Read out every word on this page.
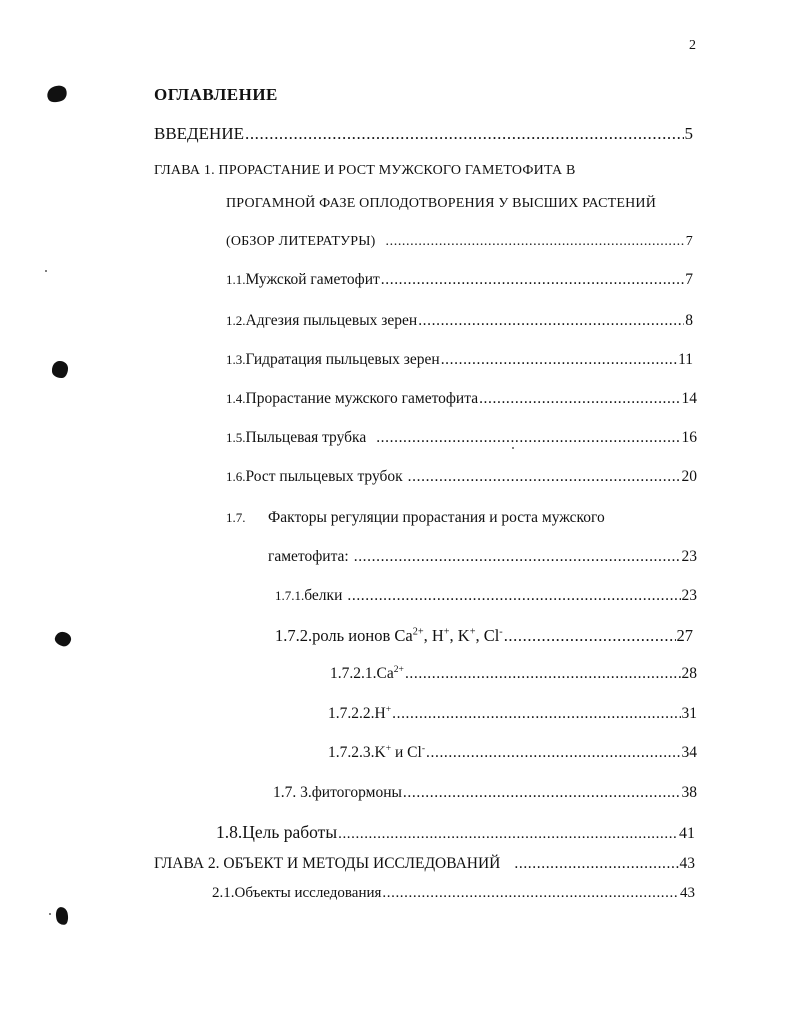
2
ОГЛАВЛЕНИЕ
ВВЕДЕНИЕ .....	5
ГЛАВА 1. ПРОРАСТАНИЕ И РОСТ МУЖСКОГО ГАМЕТОФИТА В
ПРОГАМНОЙ ФАЗЕ ОПЛОДОТВОРЕНИЯ У ВЫСШИХ РАСТЕНИЙ
(ОБЗОР ЛИТЕРАТУРЫ) .....	7
1.1. Мужской гаметофит .....	7
1.2. Адгезия пыльцевых зерен .....	8
1.3. Гидратация пыльцевых зерен .....	11
1.4. Прорастание мужского гаметофита .....	14
1.5. Пыльцевая трубка .....	16
1.6. Рост пыльцевых трубок .....	20
1.7. Факторы регуляции прорастания и роста мужского
гаметофита: .....	23
1.7.1. белки .....	23
1.7.2. роль ионов $Ca^{2+}$, H+, K+, Cl- .....	27
1.7.2.1. $Ca^{2+}$ .....	28
1.7.2.2. H+ .....	31
1.7.2.3. K+ и Cl- .....	34
1.7. 3. фитогормоны .....	38
1.8. Цель работы .....	41
ГЛАВА 2. ОБЪЕКТ И МЕТОДЫ ИССЛЕДОВАНИЙ .....	43
2.1. Объекты исследования .....	43
